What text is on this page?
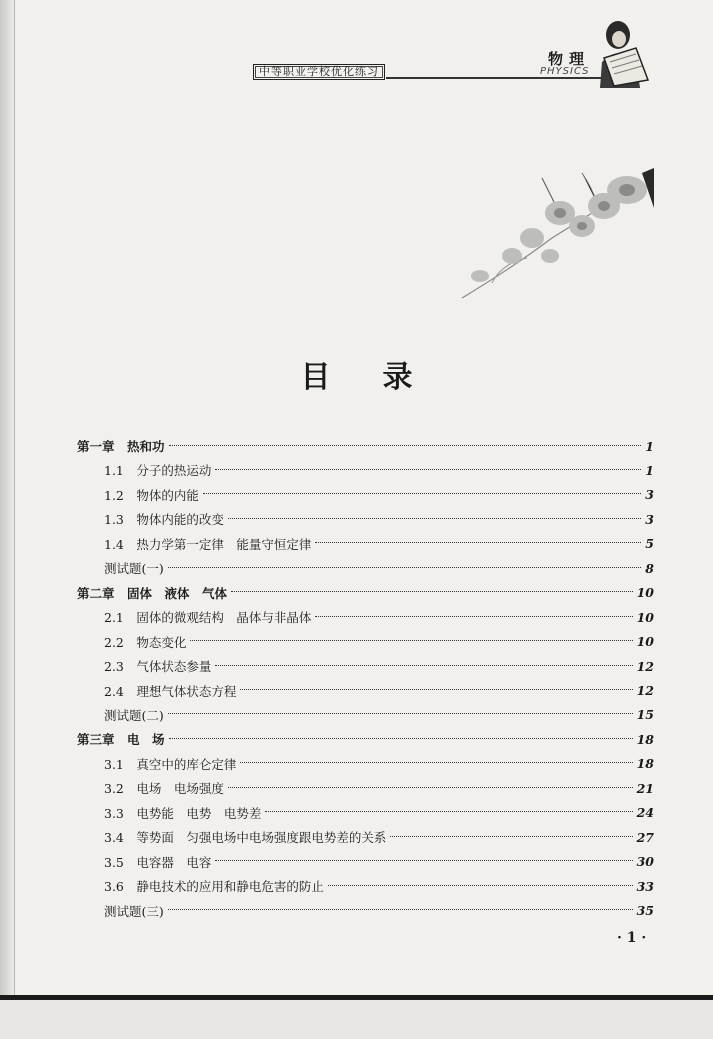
中等职业学校优化练习
物理
PHYSICS
目 录
第一章　热和功	1
1.1　分子的热运动	1
1.2　物体的内能	3
1.3　物体内能的改变	3
1.4　热力学第一定律　能量守恒定律	5
测试题(一)	8
第二章　固体　液体　气体	10
2.1　固体的微观结构　晶体与非晶体	10
2.2　物态变化	10
2.3　气体状态参量	12
2.4　理想气体状态方程	12
测试题(二)	15
第三章　电　场	18
3.1　真空中的库仑定律	18
3.2　电场　电场强度	21
3.3　电势能　电势　电势差	24
3.4　等势面　匀强电场中电场强度跟电势差的关系	27
3.5　电容器　电容	30
3.6　静电技术的应用和静电危害的防止	33
测试题(三)	35
· 1 ·
